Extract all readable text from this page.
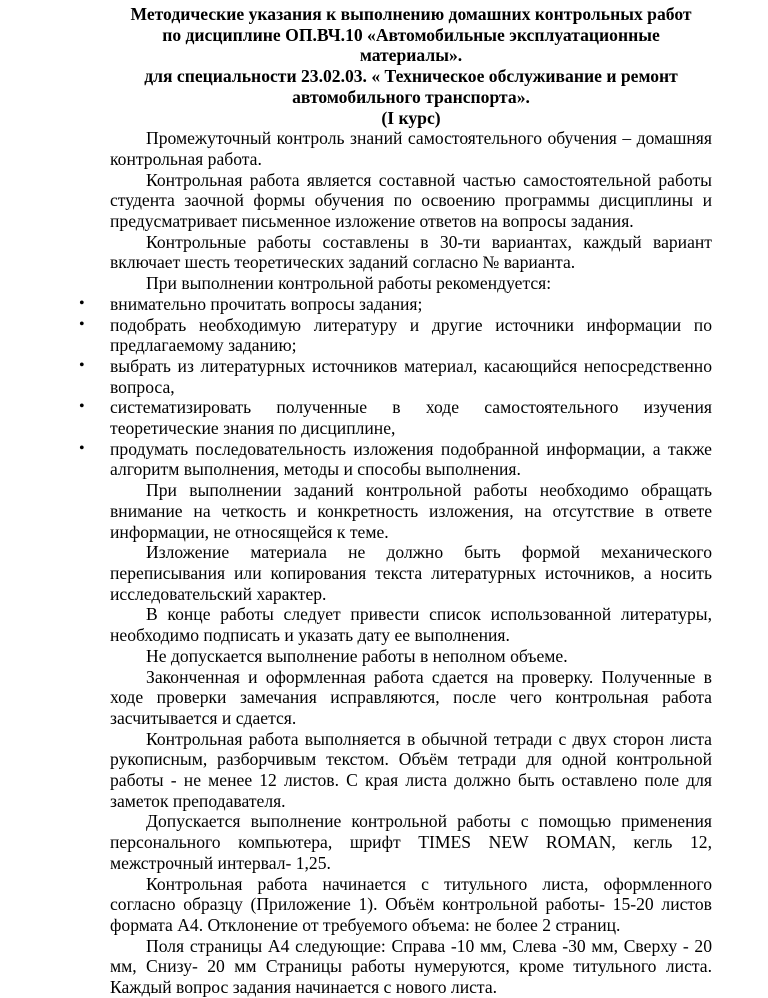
Методические указания к выполнению домашних контрольных работ
по дисциплине ОП.ВЧ.10 «Автомобильные эксплуатационные
материалы».
для специальности 23.02.03. « Техническое обслуживание и ремонт
автомобильного транспорта».
(I курс)

Промежуточный контроль знаний самостоятельного обучения – домашняя контрольная работа.

Контрольная работа является составной частью самостоятельной работы студента заочной формы обучения по освоению программы дисциплины и предусматривает письменное изложение ответов на вопросы задания.

Контрольные работы составлены в 30-ти вариантах, каждый вариант включает шесть теоретических заданий согласно № варианта.

При выполнении контрольной работы рекомендуется:

• внимательно прочитать вопросы задания;
• подобрать необходимую литературу и другие источники информации по предлагаемому заданию;
• выбрать из литературных источников материал, касающийся непосредственно вопроса,
• систематизировать полученные в ходе самостоятельного изучения теоретические знания по дисциплине,
• продумать последовательность изложения подобранной информации, а также алгоритм выполнения, методы и способы выполнения.

При выполнении заданий контрольной работы необходимо обращать внимание на четкость и конкретность изложения, на отсутствие в ответе информации, не относящейся к теме.

Изложение материала не должно быть формой механического переписывания или копирования текста литературных источников, а носить исследовательский характер.

В конце работы следует привести список использованной литературы, необходимо подписать и указать дату ее выполнения.

Не допускается выполнение работы в неполном объеме.

Законченная и оформленная работа сдается на проверку. Полученные в ходе проверки замечания исправляются, после чего контрольная работа засчитывается и сдается.

Контрольная работа выполняется в обычной тетради с двух сторон листа рукописным, разборчивым текстом. Объём тетради для одной контрольной работы - не менее 12 листов. С края листа должно быть оставлено поле для заметок преподавателя.

Допускается выполнение контрольной работы с помощью применения персонального компьютера, шрифт TIMES NEW ROMAN, кегль 12, межстрочный интервал- 1,25.

Контрольная работа начинается с титульного листа, оформленного согласно образцу (Приложение 1). Объём контрольной работы- 15-20 листов формата А4. Отклонение от требуемого объема: не более 2 страниц.

Поля страницы А4 следующие: Справа -10 мм, Слева -30 мм, Сверху - 20 мм, Снизу- 20 мм Страницы работы нумеруются, кроме титульного листа. Каждый вопрос задания начинается с нового листа.
